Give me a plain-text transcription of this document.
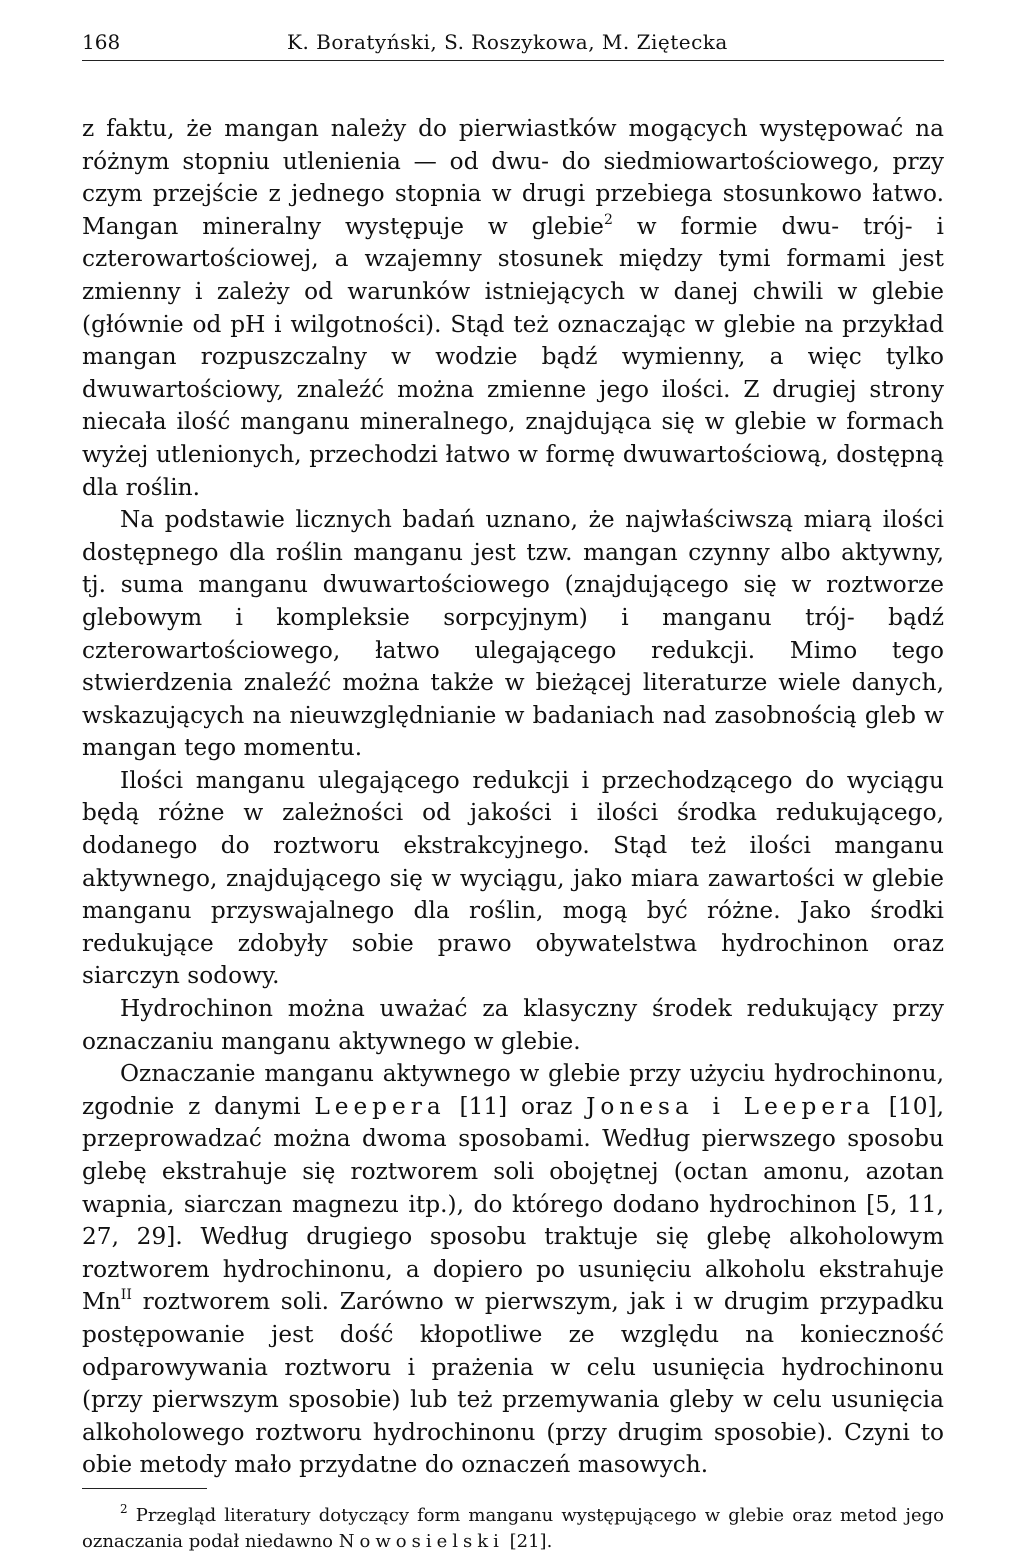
168	K. Boratyński, S. Roszykowa, M. Ziętecka

z faktu, że mangan należy do pierwiastków mogących występować na różnym stopniu utlenienia — od dwu- do siedmiowartościowego, przy czym przejście z jednego stopnia w drugi przebiega stosunkowo łatwo. Mangan mineralny występuje w glebie$^2$ w formie dwu- trój- i czterowartościowej, a wzajemny stosunek między tymi formami jest zmienny i zależy od warunków istniejących w danej chwili w glebie (głównie od pH i wilgotności). Stąd też oznaczając w glebie na przykład mangan rozpuszczalny w wodzie bądź wymienny, a więc tylko dwuwartościowy, znaleźć można zmienne jego ilości. Z drugiej strony niecała ilość manganu mineralnego, znajdująca się w glebie w formach wyżej utlenionych, przechodzi łatwo w formę dwuwartościową, dostępną dla roślin.

Na podstawie licznych badań uznano, że najwłaściwszą miarą ilości dostępnego dla roślin manganu jest tzw. mangan czynny albo aktywny, tj. suma manganu dwuwartościowego (znajdującego się w roztworze glebowym i kompleksie sorpcyjnym) i manganu trój- bądź czterowartościowego, łatwo ulegającego redukcji. Mimo tego stwierdzenia znaleźć można także w bieżącej literaturze wiele danych, wskazujących na nieuwzględnianie w badaniach nad zasobnością gleb w mangan tego momentu.

Ilości manganu ulegającego redukcji i przechodzącego do wyciągu będą różne w zależności od jakości i ilości środka redukującego, dodanego do roztworu ekstrakcyjnego. Stąd też ilości manganu aktywnego, znajdującego się w wyciągu, jako miara zawartości w glebie manganu przyswajalnego dla roślin, mogą być różne. Jako środki redukujące zdobyły sobie prawo obywatelstwa hydrochinon oraz siarczyn sodowy.

Hydrochinon można uważać za klasyczny środek redukujący przy oznaczaniu manganu aktywnego w glebie.

Oznaczanie manganu aktywnego w glebie przy użyciu hydrochinonu, zgodnie z danymi Leepera [11] oraz Jonesa i Leepera [10], przeprowadzać można dwoma sposobami. Według pierwszego sposobu glebę ekstrahuje się roztworem soli obojętnej (octan amonu, azotan wapnia, siarczan magnezu itp.), do którego dodano hydrochinon [5, 11, 27, 29]. Według drugiego sposobu traktuje się glebę alkoholowym roztworem hydrochinonu, a dopiero po usunięciu alkoholu ekstrahuje $Mn^{II}$ roztworem soli. Zarówno w pierwszym, jak i w drugim przypadku postępowanie jest dość kłopotliwe ze względu na konieczność odparowywania roztworu i prażenia w celu usunięcia hydrochinonu (przy pierwszym sposobie) lub też przemywania gleby w celu usunięcia alkoholowego roztworu hydrochinonu (przy drugim sposobie). Czyni to obie metody mało przydatne do oznaczeń masowych.

$^2$ Przegląd literatury dotyczący form manganu występującego w glebie oraz metod jego oznaczania podał niedawno Nowosielski [21].
